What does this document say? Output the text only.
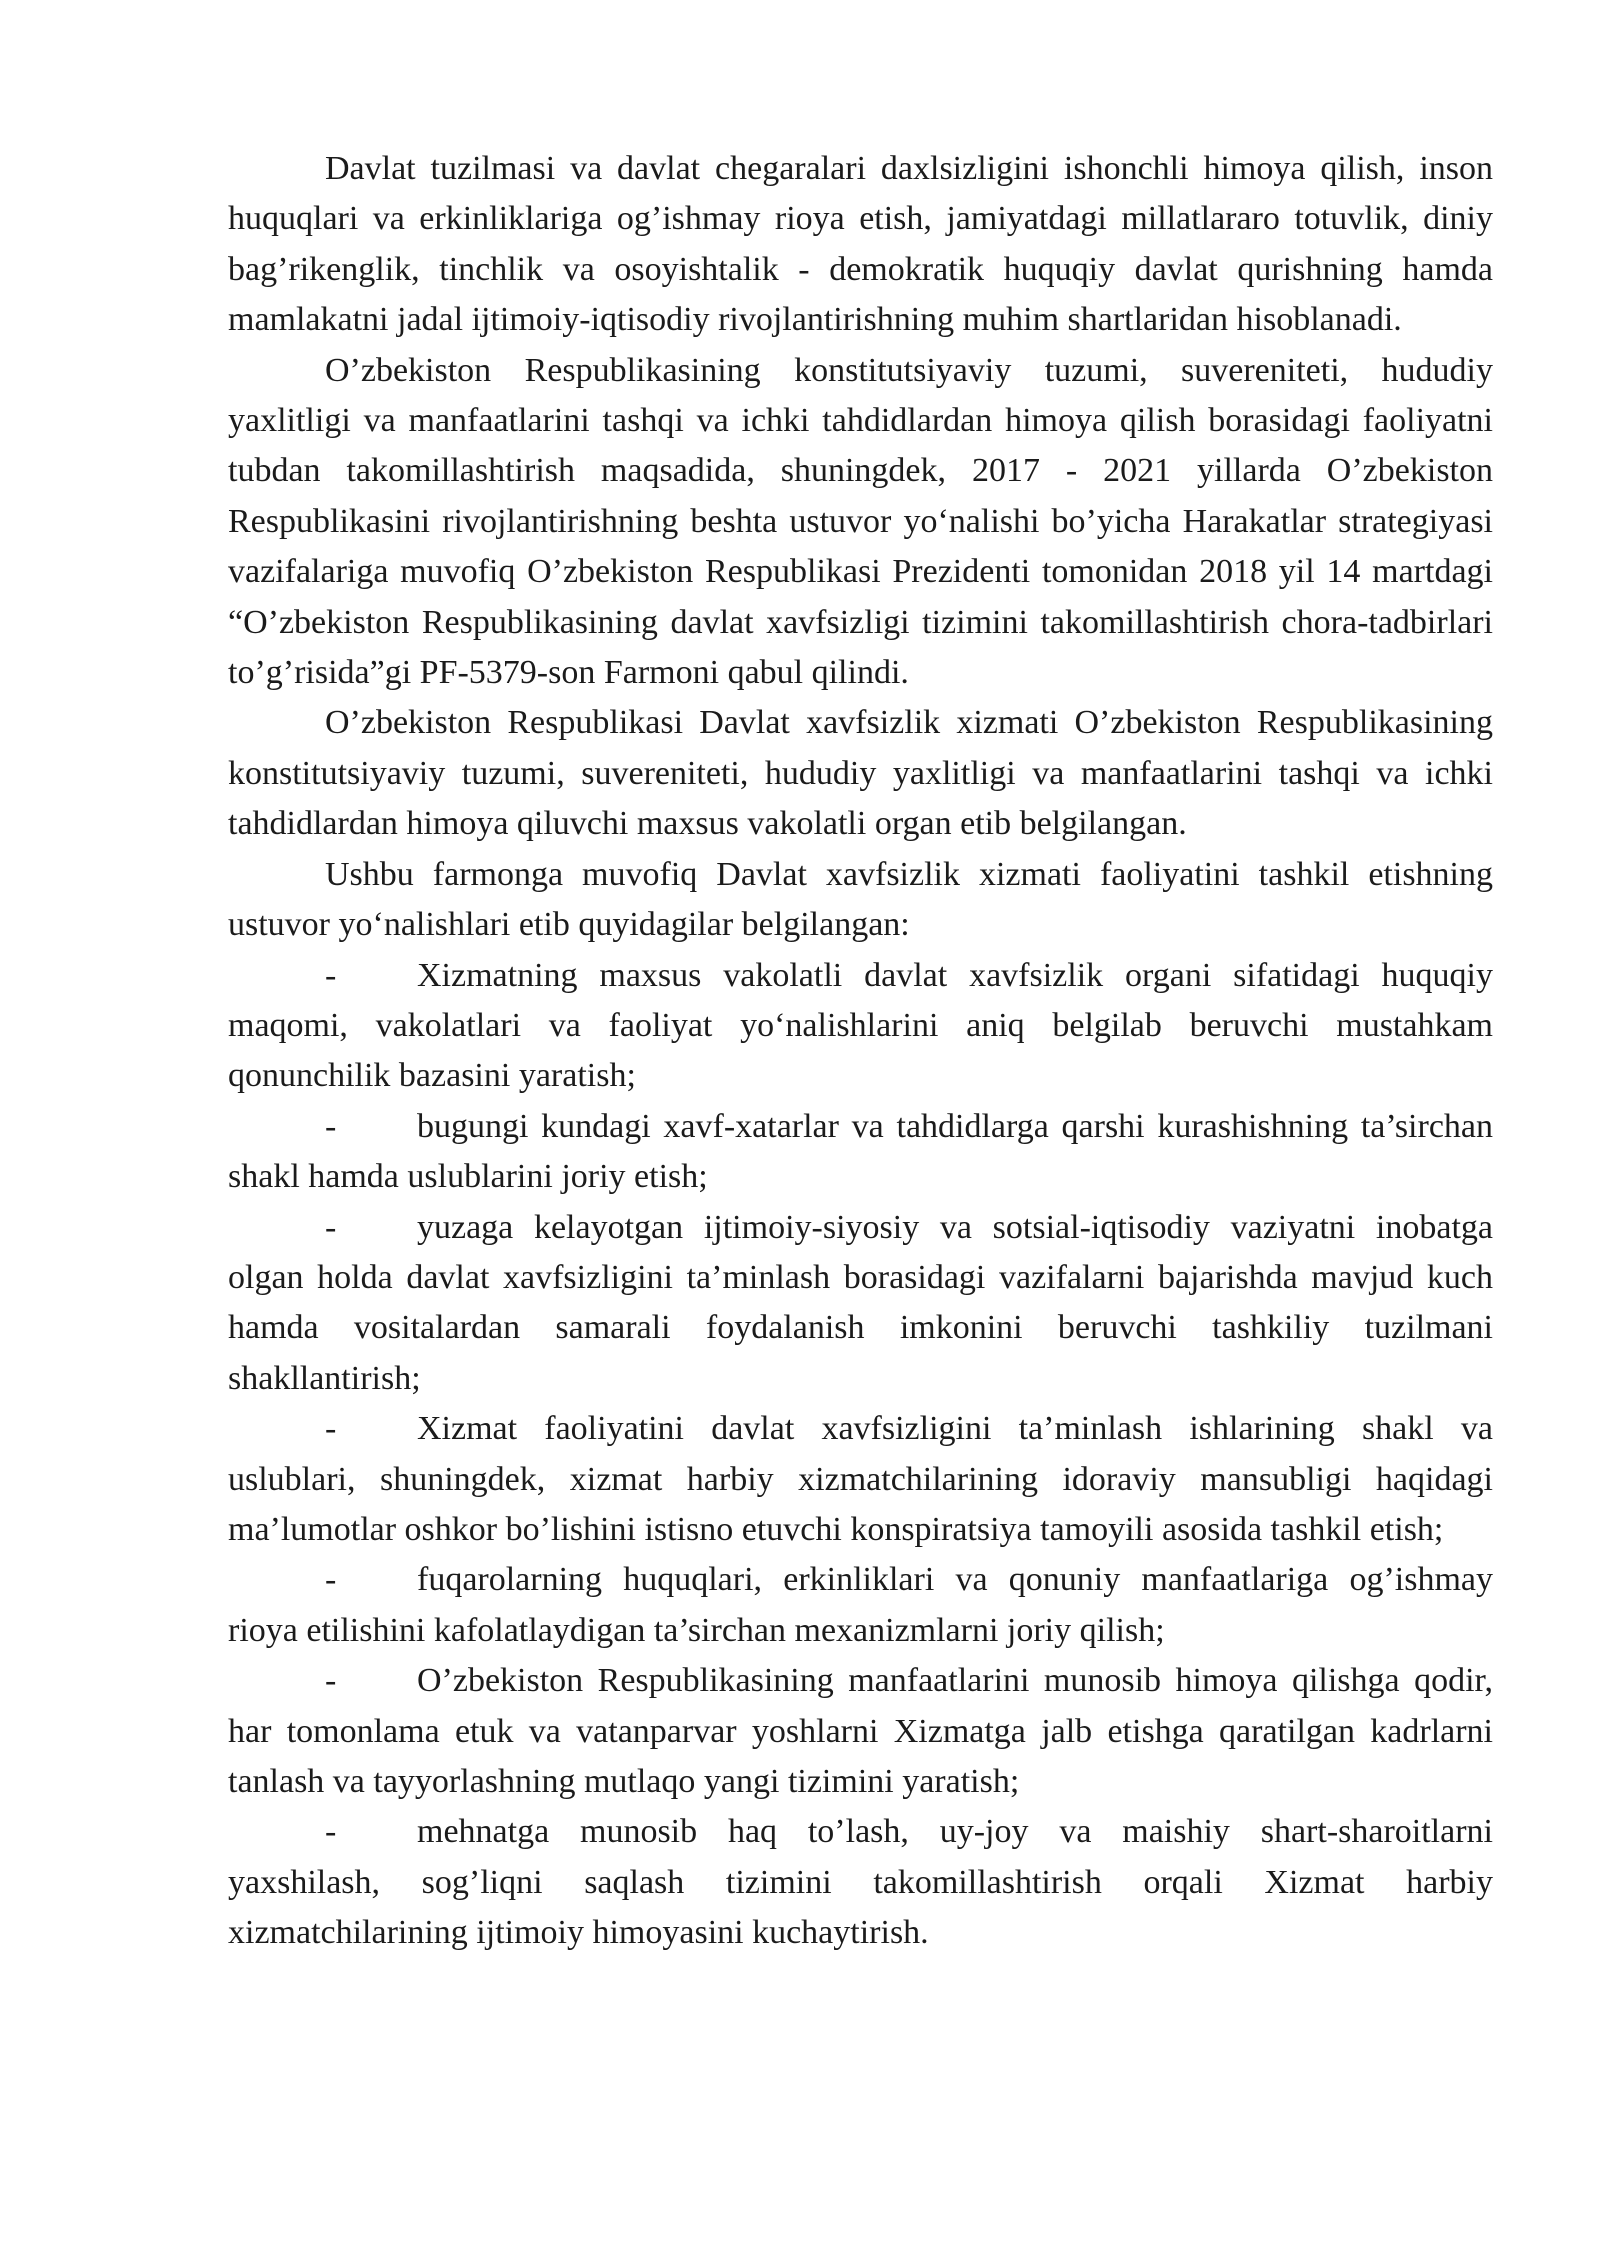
Davlat tuzilmasi va davlat chegaralari daxlsizligini ishonchli himoya qilish, inson huquqlari va erkinliklariga og’ishmay rioya etish, jamiyatdagi millatlararo totuvlik, diniy bag’rikenglik, tinchlik va osoyishtalik - demokratik huquqiy davlat qurishning hamda mamlakatni jadal ijtimoiy-iqtisodiy rivojlantirishning muhim shartlaridan hisoblanadi.

O’zbekiston Respublikasining konstitutsiyaviy tuzumi, suvereniteti, hududiy yaxlitligi va manfaatlarini tashqi va ichki tahdidlardan himoya qilish borasidagi faoliyatni tubdan takomillashtirish maqsadida, shuningdek, 2017 - 2021 yillarda O’zbekiston Respublikasini rivojlantirishning beshta ustuvor yo‘nalishi bo’yicha Harakatlar strategiyasi vazifalariga muvofiq O’zbekiston Respublikasi Prezidenti tomonidan 2018 yil 14 martdagi “O’zbekiston Respublikasining davlat xavfsizligi tizimini takomillashtirish chora-tadbirlari to’g’risida”gi PF-5379-son Farmoni qabul qilindi.

O’zbekiston Respublikasi Davlat xavfsizlik xizmati O’zbekiston Respublikasining konstitutsiyaviy tuzumi, suvereniteti, hududiy yaxlitligi va manfaatlarini tashqi va ichki tahdidlardan himoya qiluvchi maxsus vakolatli organ etib belgilangan.

Ushbu farmonga muvofiq Davlat xavfsizlik xizmati faoliyatini tashkil etishning ustuvor yo‘nalishlari etib quyidagilar belgilangan:

- Xizmatning maxsus vakolatli davlat xavfsizlik organi sifatidagi huquqiy maqomi, vakolatlari va faoliyat yo‘nalishlarini aniq belgilab beruvchi mustahkam qonunchilik bazasini yaratish;

- bugungi kundagi xavf-xatarlar va tahdidlarga qarshi kurashishning ta’sirchan shakl hamda uslublarini joriy etish;

- yuzaga kelayotgan ijtimoiy-siyosiy va sotsial-iqtisodiy vaziyatni inobatga olgan holda davlat xavfsizligini ta’minlash borasidagi vazifalarni bajarishda mavjud kuch hamda vositalardan samarali foydalanish imkonini beruvchi tashkiliy tuzilmani shakllantirish;

- Xizmat faoliyatini davlat xavfsizligini ta’minlash ishlarining shakl va uslublari, shuningdek, xizmat harbiy xizmatchilarining idoraviy mansubligi haqidagi ma’lumotlar oshkor bo’lishini istisno etuvchi konspiratsiya tamoyili asosida tashkil etish;

- fuqarolarning huquqlari, erkinliklari va qonuniy manfaatlariga og’ishmay rioya etilishini kafolatlaydigan ta’sirchan mexanizmlarni joriy qilish;

- O’zbekiston Respublikasining manfaatlarini munosib himoya qilishga qodir, har tomonlama etuk va vatanparvar yoshlarni Xizmatga jalb etishga qaratilgan kadrlarni tanlash va tayyorlashning mutlaqo yangi tizimini yaratish;

- mehnatga munosib haq to’lash, uy-joy va maishiy shart-sharoitlarni yaxshilash, sog’liqni saqlash tizimini takomillashtirish orqali Xizmat harbiy xizmatchilarining ijtimoiy himoyasini kuchaytirish.
